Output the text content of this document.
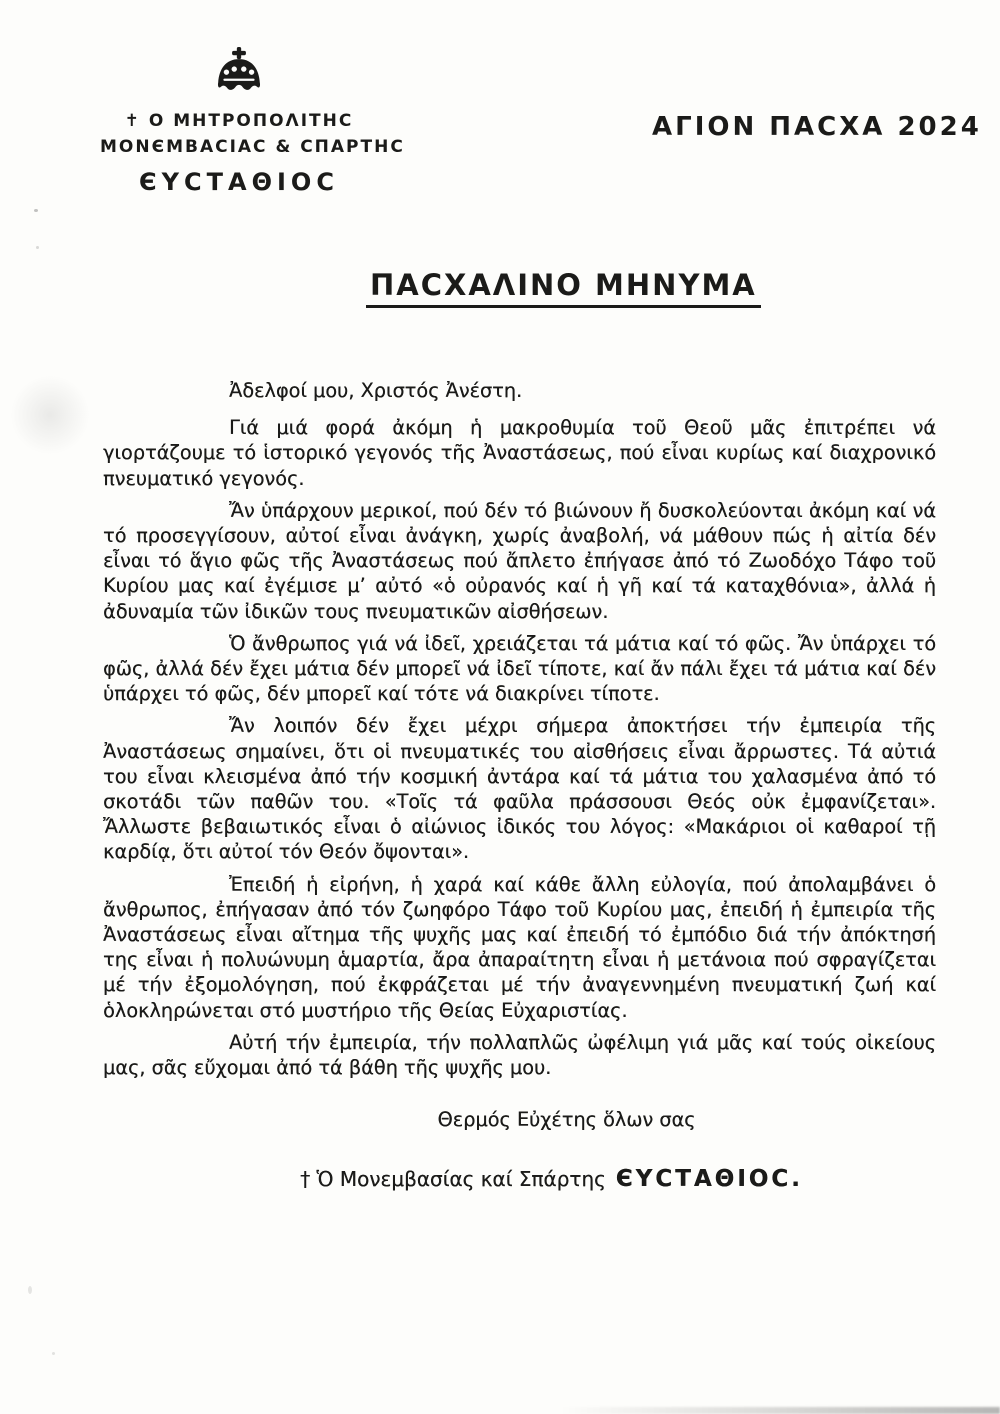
✝ Ο ΜΗΤΡΟΠΟΛΙΤΗϹ
ΜΟΝЄΜΒΑϹΙΑϹ & ϹΠΑΡΤΗϹ
ЄΥϹΤΑΘΙΟϹ
ΑΓΙΟΝ ΠΑϹΧΑ 2024
ΠΑϹΧΑΛΙΝΟ ΜΗΝΥΜΑ

Ἀδελφοί μου, Χριστός Ἀνέστη.

Γιά μιά φορά ἀκόμη ἡ μακροθυμία τοῦ Θεοῦ μᾶς ἐπιτρέπει νά γιορτάζουμε τό ἱστορικό γεγονός τῆς Ἀναστάσεως, πού εἶναι κυρίως καί διαχρονικό πνευματικό γεγονός.

Ἄν ὑπάρχουν μερικοί, πού δέν τό βιώνουν ἤ δυσκολεύονται ἀκόμη καί νά τό προσεγγίσουν, αὐτοί εἶναι ἀνάγκη, χωρίς ἀναβολή, νά μάθουν πώς ἡ αἰτία δέν εἶναι τό ἅγιο φῶς τῆς Ἀναστάσεως πού ἄπλετο ἐπήγασε ἀπό τό Ζωοδόχο Τάφο τοῦ Κυρίου μας καί ἐγέμισε μ’ αὐτό «ὁ οὐρανός καί ἡ γῆ καί τά καταχθόνια», ἀλλά ἡ ἀδυναμία τῶν ἰδικῶν τους πνευματικῶν αἰσθήσεων.

Ὁ ἄνθρωπος γιά νά ἰδεῖ, χρειάζεται τά μάτια καί τό φῶς. Ἄν ὑπάρχει τό φῶς, ἀλλά δέν ἔχει μάτια δέν μπορεῖ νά ἰδεῖ τίποτε, καί ἄν πάλι ἔχει τά μάτια καί δέν ὑπάρχει τό φῶς, δέν μπορεῖ καί τότε νά διακρίνει τίποτε.

Ἄν λοιπόν δέν ἔχει μέχρι σήμερα ἀποκτήσει τήν ἐμπειρία τῆς Ἀναστάσεως σημαίνει, ὅτι οἱ πνευματικές του αἰσθήσεις εἶναι ἄρρωστες. Τά αὐτιά του εἶναι κλεισμένα ἀπό τήν κοσμική ἀντάρα καί τά μάτια του χαλασμένα ἀπό τό σκοτάδι τῶν παθῶν του. «Τοῖς τά φαῦλα πράσσουσι Θεός οὐκ ἐμφανίζεται». Ἄλλωστε βεβαιωτικός εἶναι ὁ αἰώνιος ἰδικός του λόγος: «Μακάριοι οἱ καθαροί τῇ καρδίᾳ, ὅτι αὐτοί τόν Θεόν ὄψονται».

Ἐπειδή ἡ εἰρήνη, ἡ χαρά καί κάθε ἄλλη εὐλογία, πού ἀπολαμβάνει ὁ ἄνθρωπος, ἐπήγασαν ἀπό τόν ζωηφόρο Τάφο τοῦ Κυρίου μας, ἐπειδή ἡ ἐμπειρία τῆς Ἀναστάσεως εἶναι αἴτημα τῆς ψυχῆς μας καί ἐπειδή τό ἐμπόδιο διά τήν ἀπόκτησή της εἶναι ἡ πολυώνυμη ἁμαρτία, ἄρα ἀπαραίτητη εἶναι ἡ μετάνοια πού σφραγίζεται μέ τήν ἐξομολόγηση, πού ἐκφράζεται μέ τήν ἀναγεννημένη πνευματική ζωή καί ὁλοκληρώνεται στό μυστήριο τῆς Θείας Εὐχαριστίας.

Αὐτή τήν ἐμπειρία, τήν πολλαπλῶς ὠφέλιμη γιά μᾶς καί τούς οἰκείους μας, σᾶς εὔχομαι ἀπό τά βάθη τῆς ψυχῆς μου.

Θερμός Εὐχέτης ὅλων σας
† Ὁ Μονεμβασίας καί Σπάρτης ЄΥϹΤΑΘΙΟϹ.
